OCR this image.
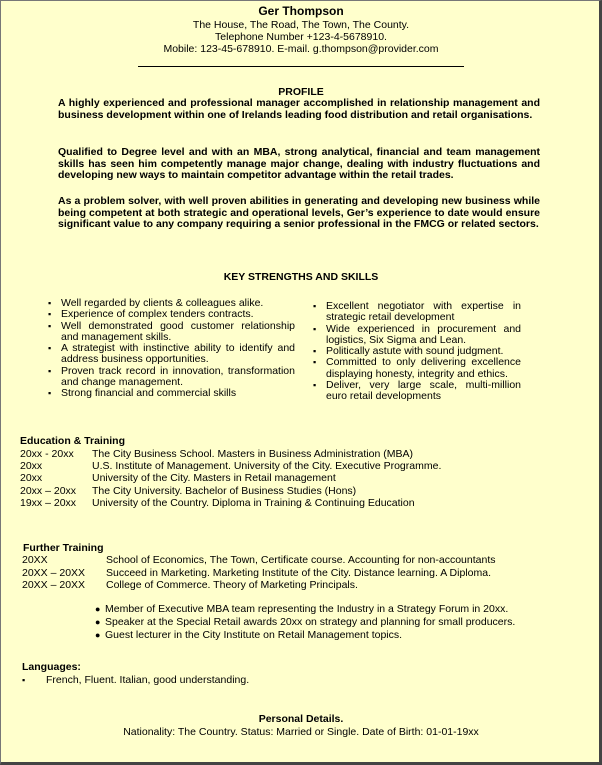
Ger Thompson
The House, The Road, The Town, The County.
Telephone Number +123-4-5678910.
Mobile: 123-45-678910. E-mail. g.thompson@provider.com
PROFILE

A highly experienced and professional manager accomplished in relationship management and business development within one of Irelands leading food distribution and retail organisations.

Qualified to Degree level and with an MBA, strong analytical, financial and team management skills has seen him competently manage major change, dealing with industry fluctuations and developing new ways to maintain competitor advantage within the retail trades.

As a problem solver, with well proven abilities in generating and developing new business while being competent at both strategic and operational levels, Ger’s experience to date would ensure significant value to any company requiring a senior professional in the FMCG or related sectors.

KEY STRENGTHS AND SKILLS
▪ Well regarded by clients & colleagues alike.
▪ Experience of complex tenders contracts.
▪ Well demonstrated good customer relationship and management skills.
▪ A strategist with instinctive ability to identify and address business opportunities.
▪ Proven track record in innovation, transformation and change management.
▪ Strong financial and commercial skills
▪ Excellent negotiator with expertise in strategic retail development
▪ Wide experienced in procurement and logistics, Six Sigma and Lean.
▪ Politically astute with sound judgment.
▪ Committed to only delivering excellence displaying honesty, integrity and ethics.
▪ Deliver, very large scale, multi-million euro retail developments
Education & Training
20xx - 20xx The City Business School. Masters in Business Administration (MBA)
20xx	U.S. Institute of Management. University of the City. Executive Programme.
20xx	University of the City. Masters in Retail management
20xx – 20xx The City University. Bachelor of Business Studies (Hons)
19xx – 20xx University of the Country. Diploma in Training & Continuing Education
Further Training
20XX	School of Economics, The Town, Certificate course. Accounting for non-accountants
20XX – 20XX Succeed in Marketing. Marketing Institute of the City. Distance learning. A Diploma.
20XX – 20XX College of Commerce. Theory of Marketing Principals.
● Member of Executive MBA team representing the Industry in a Strategy Forum in 20xx.
● Speaker at the Special Retail awards 20xx on strategy and planning for small producers.
● Guest lecturer in the City Institute on Retail Management topics.
Languages:
▪ French, Fluent. Italian, good understanding.
Personal Details.
Nationality: The Country. Status: Married or Single. Date of Birth: 01-01-19xx
